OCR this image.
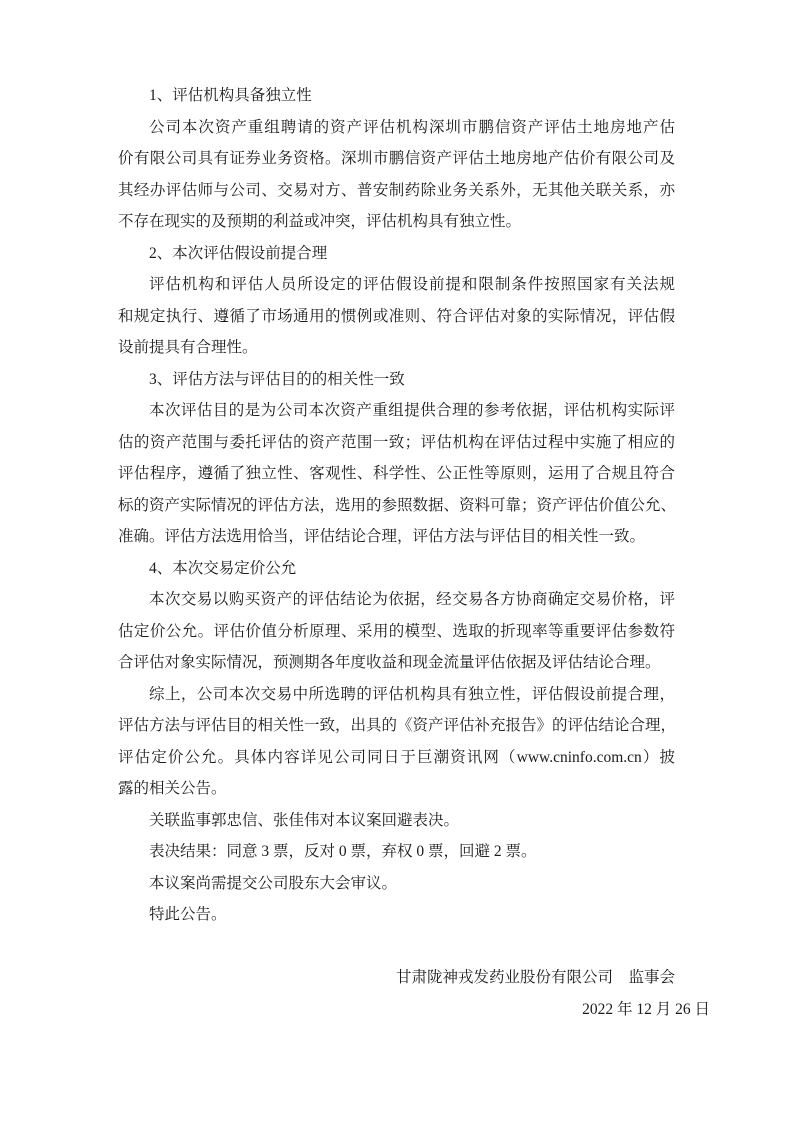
1、评估机构具备独立性
公司本次资产重组聘请的资产评估机构深圳市鹏信资产评估土地房地产估
价有限公司具有证券业务资格。深圳市鹏信资产评估土地房地产估价有限公司及
其经办评估师与公司、交易对方、普安制药除业务关系外，无其他关联关系，亦
不存在现实的及预期的利益或冲突，评估机构具有独立性。
2、本次评估假设前提合理
评估机构和评估人员所设定的评估假设前提和限制条件按照国家有关法规
和规定执行、遵循了市场通用的惯例或准则、符合评估对象的实际情况，评估假
设前提具有合理性。
3、评估方法与评估目的的相关性一致
本次评估目的是为公司本次资产重组提供合理的参考依据，评估机构实际评
估的资产范围与委托评估的资产范围一致；评估机构在评估过程中实施了相应的
评估程序，遵循了独立性、客观性、科学性、公正性等原则，运用了合规且符合
标的资产实际情况的评估方法，选用的参照数据、资料可靠；资产评估价值公允、
准确。评估方法选用恰当，评估结论合理，评估方法与评估目的相关性一致。
4、本次交易定价公允
本次交易以购买资产的评估结论为依据，经交易各方协商确定交易价格，评
估定价公允。评估价值分析原理、采用的模型、选取的折现率等重要评估参数符
合评估对象实际情况，预测期各年度收益和现金流量评估依据及评估结论合理。
综上，公司本次交易中所选聘的评估机构具有独立性，评估假设前提合理，
评估方法与评估目的相关性一致，出具的《资产评估补充报告》的评估结论合理，
评估定价公允。具体内容详见公司同日于巨潮资讯网（www.cninfo.com.cn）披
露的相关公告。
关联监事郭忠信、张佳伟对本议案回避表决。
表决结果：同意 3 票，反对 0 票，弃权 0 票，回避 2 票。
本议案尚需提交公司股东大会审议。
特此公告。
甘肃陇神戎发药业股份有限公司　监事会
2022 年 12 月 26 日
